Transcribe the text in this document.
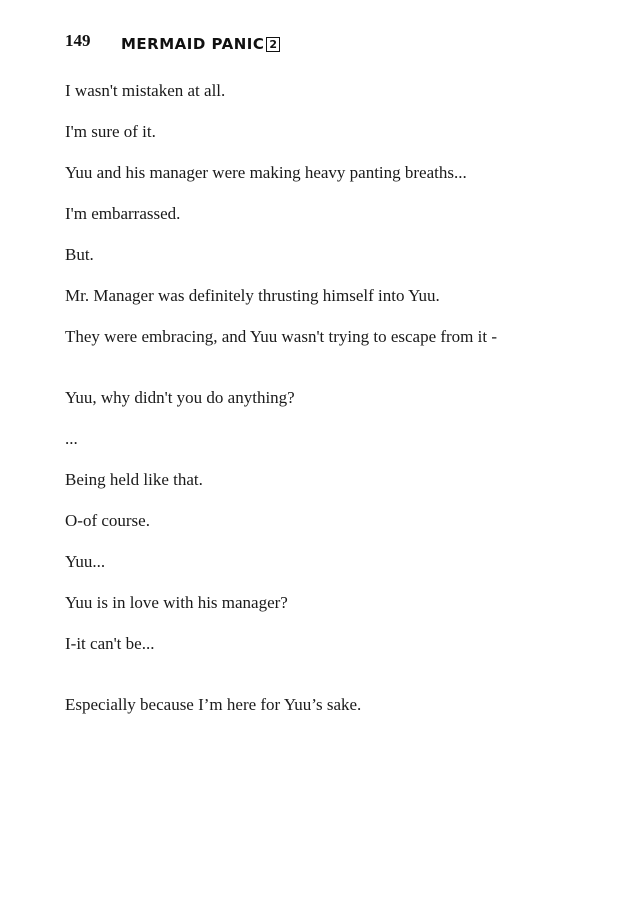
149 MERMAID PANIC 2

I wasn't mistaken at all.

I'm sure of it.

Yuu and his manager were making heavy panting breaths...

I'm embarrassed.

But.

Mr. Manager was definitely thrusting himself into Yuu.

They were embracing, and Yuu wasn't trying to escape from it -

Yuu, why didn't you do anything?

...

Being held like that.

O-of course.

Yuu...

Yuu is in love with his manager?

I-it can't be...

Especially because I’m here for Yuu’s sake.
